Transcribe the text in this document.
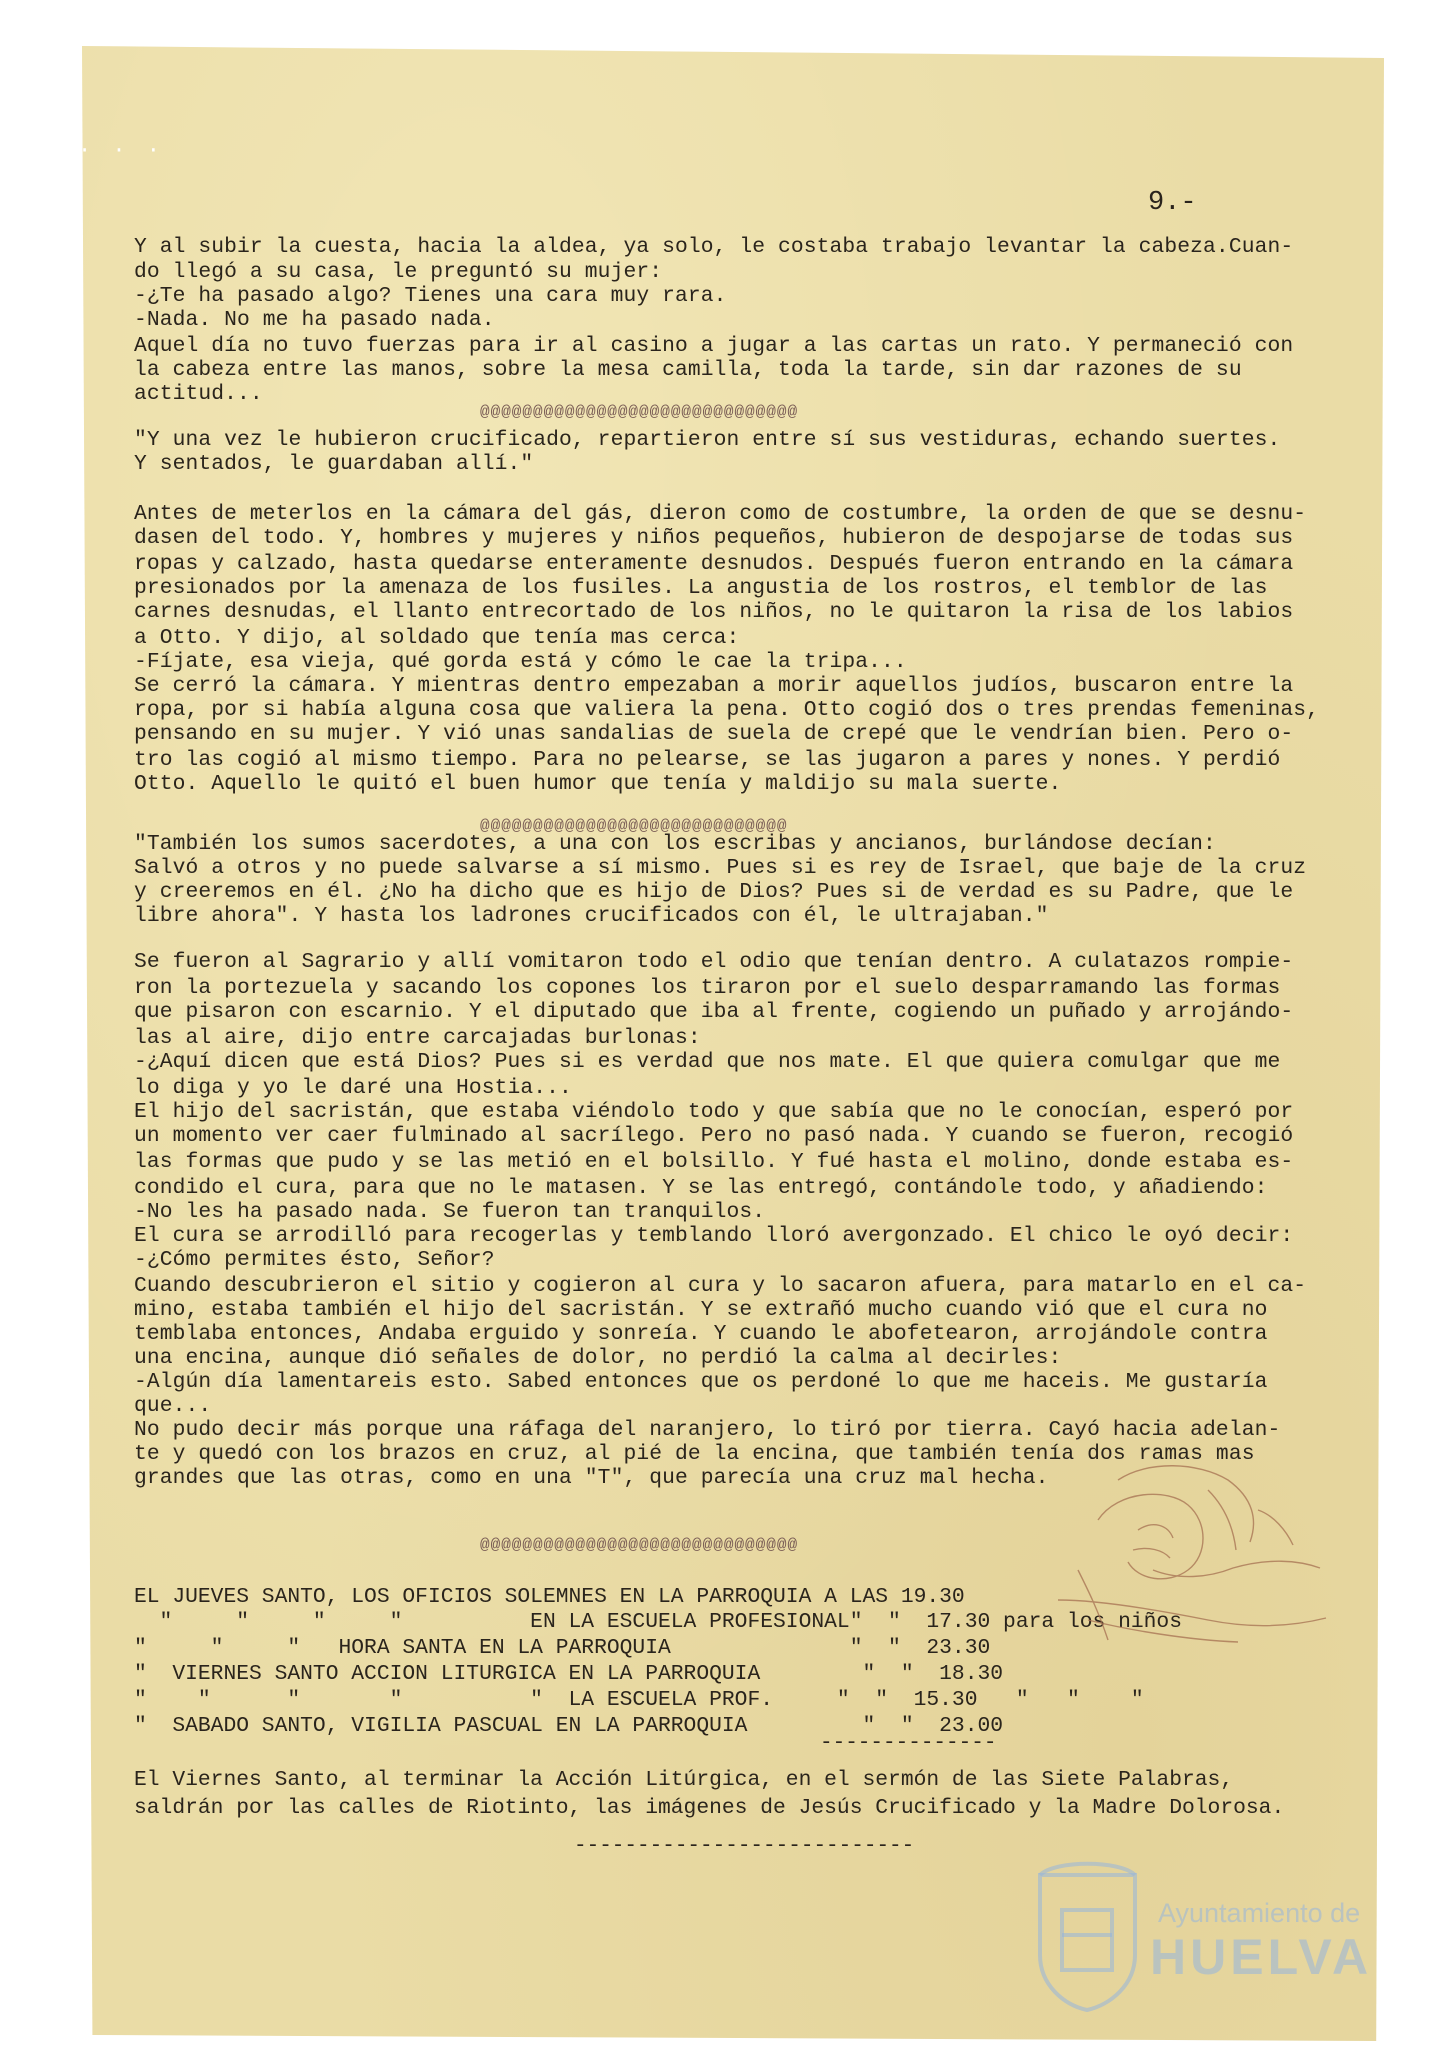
· · ·
9.-
Y al subir la cuesta, hacia la aldea, ya solo, le costaba trabajo levantar la cabeza.Cuan-
do llegó a su casa, le preguntó su mujer:
-¿Te ha pasado algo? Tienes una cara muy rara.
-Nada. No me ha pasado nada.
Aquel día no tuvo fuerzas para ir al casino a jugar a las cartas un rato. Y permaneció con
la cabeza entre las manos, sobre la mesa camilla, toda la tarde, sin dar razones de su
actitud...
"Y una vez le hubieron crucificado, repartieron entre sí sus vestiduras, echando suertes.
Y sentados, le guardaban allí."
Antes de meterlos en la cámara del gás, dieron como de costumbre, la orden de que se desnu-
dasen del todo. Y, hombres y mujeres y niños pequeños, hubieron de despojarse de todas sus
ropas y calzado, hasta quedarse enteramente desnudos. Después fueron entrando en la cámara
presionados por la amenaza de los fusiles. La angustia de los rostros, el temblor de las
carnes desnudas, el llanto entrecortado de los niños, no le quitaron la risa de los labios
a Otto. Y dijo, al soldado que tenía mas cerca:
-Fíjate, esa vieja, qué gorda está y cómo le cae la tripa...
Se cerró la cámara. Y mientras dentro empezaban a morir aquellos judíos, buscaron entre la
ropa, por si había alguna cosa que valiera la pena. Otto cogió dos o tres prendas femeninas,
pensando en su mujer. Y vió unas sandalias de suela de crepé que le vendrían bien. Pero o-
tro las cogió al mismo tiempo. Para no pelearse, se las jugaron a pares y nones. Y perdió
Otto. Aquello le quitó el buen humor que tenía y maldijo su mala suerte.
"También los sumos sacerdotes, a una con los escribas y ancianos, burlándose decían:
Salvó a otros y no puede salvarse a sí mismo. Pues si es rey de Israel, que baje de la cruz
y creeremos en él. ¿No ha dicho que es hijo de Dios? Pues si de verdad es su Padre, que le
libre ahora". Y hasta los ladrones crucificados con él, le ultrajaban."
Se fueron al Sagrario y allí vomitaron todo el odio que tenían dentro. A culatazos rompie-
ron la portezuela y sacando los copones los tiraron por el suelo desparramando las formas
que pisaron con escarnio. Y el diputado que iba al frente, cogiendo un puñado y arrojándo-
las al aire, dijo entre carcajadas burlonas:
-¿Aquí dicen que está Dios? Pues si es verdad que nos mate. El que quiera comulgar que me
lo diga y yo le daré una Hostia...
El hijo del sacristán, que estaba viéndolo todo y que sabía que no le conocían, esperó por
un momento ver caer fulminado al sacrílego. Pero no pasó nada. Y cuando se fueron, recogió
las formas que pudo y se las metió en el bolsillo. Y fué hasta el molino, donde estaba es-
condido el cura, para que no le matasen. Y se las entregó, contándole todo, y añadiendo:
-No les ha pasado nada. Se fueron tan tranquilos.
El cura se arrodilló para recogerlas y temblando lloró avergonzado. El chico le oyó decir:
-¿Cómo permites ésto, Señor?
Cuando descubrieron el sitio y cogieron al cura y lo sacaron afuera, para matarlo en el ca-
mino, estaba también el hijo del sacristán. Y se extrañó mucho cuando vió que el cura no
temblaba entonces, Andaba erguido y sonreía. Y cuando le abofetearon, arrojándole contra
una encina, aunque dió señales de dolor, no perdió la calma al decirles:
-Algún día lamentareis esto. Sabed entonces que os perdoné lo que me haceis. Me gustaría
que...
No pudo decir más porque una ráfaga del naranjero, lo tiró por tierra. Cayó hacia adelan-
te y quedó con los brazos en cruz, al pié de la encina, que también tenía dos ramas mas
grandes que las otras, como en una "T", que parecía una cruz mal hecha.
@@@@@@@@@@@@@@@@@@@@@@@@@@@@@@
@@@@@@@@@@@@@@@@@@@@@@@@@@@@@
@@@@@@@@@@@@@@@@@@@@@@@@@@@@@@
EL JUEVES SANTO, LOS OFICIOS SOLEMNES EN LA PARROQUIA A LAS 19.30
"     "     "     "          EN LA ESCUELA PROFESIONAL"  "  17.30 para los niños
"     "     "   HORA SANTA EN LA PARROQUIA              "  "  23.30
"  VIERNES SANTO ACCION LITURGICA EN LA PARROQUIA        "  "  18.30
"    "      "       "          "  LA ESCUELA PROF.     "  "  15.30   "   "    "
"  SABADO SANTO, VIGILIA PASCUAL EN LA PARROQUIA         "  "  23.00
--------------
El Viernes Santo, al terminar la Acción Litúrgica, en el sermón de las Siete Palabras,
saldrán por las calles de Riotinto, las imágenes de Jesús Crucificado y la Madre Dolorosa.
---------------------------
Ayuntamiento de
HUELVA
